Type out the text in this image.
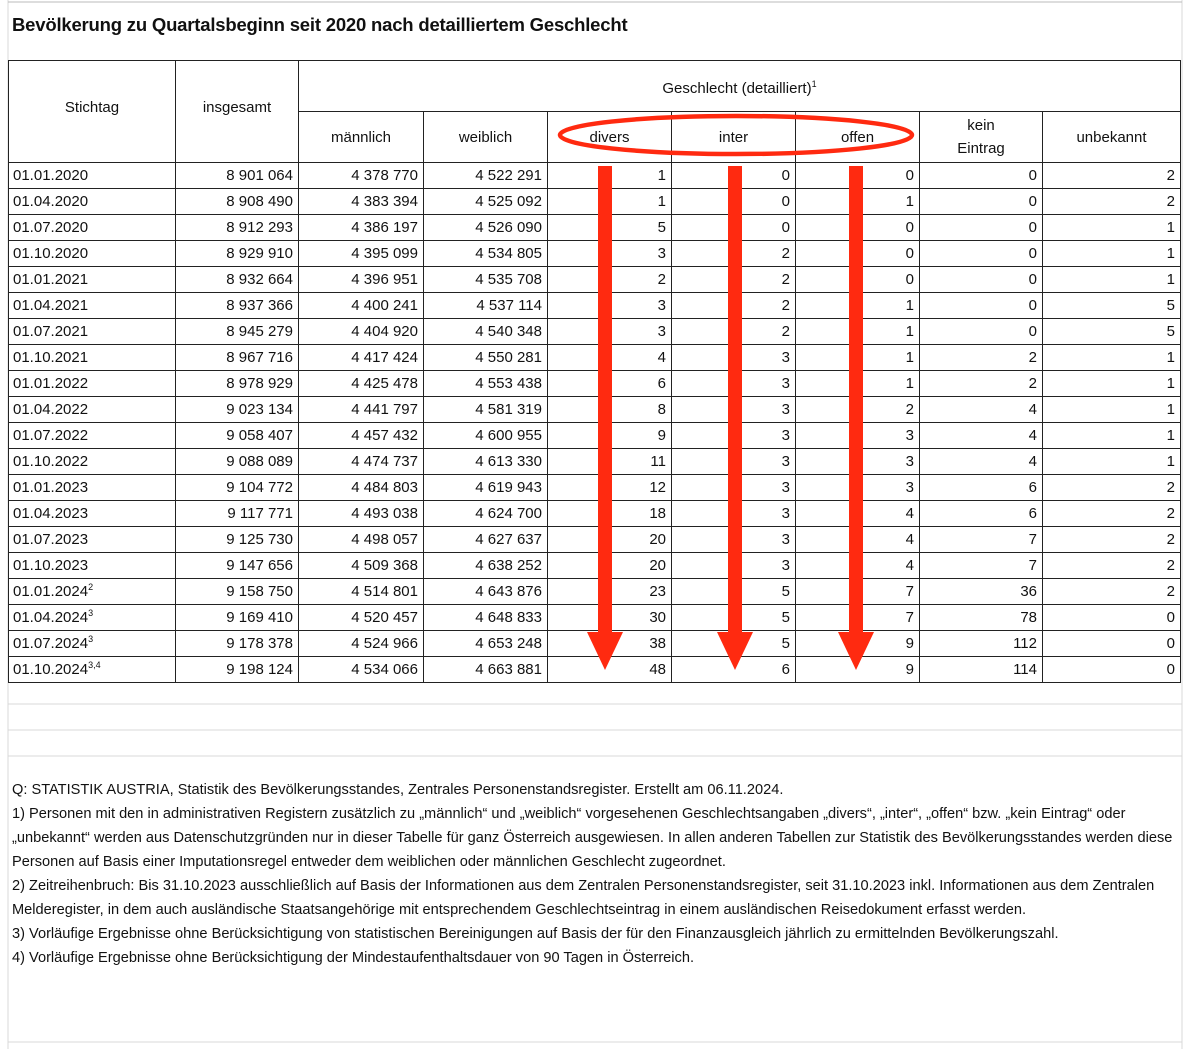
Bevölkerung zu Quartalsbeginn seit 2020 nach detailliertem Geschlecht
Stichtag	insgesamt	Geschlecht (detailliert)$^1$
		männlich	weiblich	divers	inter	offen	kein
Eintrag	unbekannt
01.01.2020	8 901 064	4 378 770	4 522 291	1	0	0	0	2
01.04.2020	8 908 490	4 383 394	4 525 092	1	0	1	0	2
01.07.2020	8 912 293	4 386 197	4 526 090	5	0	0	0	1
01.10.2020	8 929 910	4 395 099	4 534 805	3	2	0	0	1
01.01.2021	8 932 664	4 396 951	4 535 708	2	2	0	0	1
01.04.2021	8 937 366	4 400 241	4 537 114	3	2	1	0	5
01.07.2021	8 945 279	4 404 920	4 540 348	3	2	1	0	5
01.10.2021	8 967 716	4 417 424	4 550 281	4	3	1	2	1
01.01.2022	8 978 929	4 425 478	4 553 438	6	3	1	2	1
01.04.2022	9 023 134	4 441 797	4 581 319	8	3	2	4	1
01.07.2022	9 058 407	4 457 432	4 600 955	9	3	3	4	1
01.10.2022	9 088 089	4 474 737	4 613 330	11	3	3	4	1
01.01.2023	9 104 772	4 484 803	4 619 943	12	3	3	6	2
01.04.2023	9 117 771	4 493 038	4 624 700	18	3	4	6	2
01.07.2023	9 125 730	4 498 057	4 627 637	20	3	4	7	2
01.10.2023	9 147 656	4 509 368	4 638 252	20	3	4	7	2
01.01.2024$^2$	9 158 750	4 514 801	4 643 876	23	5	7	36	2
01.04.2024$^3$	9 169 410	4 520 457	4 648 833	30	5	7	78	0
01.07.2024$^3$	9 178 378	4 524 966	4 653 248	38	5	9	112	0
01.10.2024$^{3,4}$	9 198 124	4 534 066	4 663 881	48	6	9	114	0

Q: STATISTIK AUSTRIA, Statistik des Bevölkerungsstandes, Zentrales Personenstandsregister. Erstellt am 06.11.2024.

1) Personen mit den in administrativen Registern zusätzlich zu „männlich“ und „weiblich“ vorgesehenen Geschlechtsangaben „divers“, „inter“, „offen“ bzw. „kein Eintrag“ oder „unbekannt“ werden aus Datenschutzgründen nur in dieser Tabelle für ganz Österreich ausgewiesen. In allen anderen Tabellen zur Statistik des Bevölkerungsstandes werden diese Personen auf Basis einer Imputationsregel entweder dem weiblichen oder männlichen Geschlecht zugeordnet.

2) Zeitreihenbruch: Bis 31.10.2023 ausschließlich auf Basis der Informationen aus dem Zentralen Personenstandsregister, seit 31.10.2023 inkl. Informationen aus dem Zentralen Melderegister, in dem auch ausländische Staatsangehörige mit entsprechendem Geschlechtseintrag in einem ausländischen Reisedokument erfasst werden.

3) Vorläufige Ergebnisse ohne Berücksichtigung von statistischen Bereinigungen auf Basis der für den Finanzausgleich jährlich zu ermittelnden Bevölkerungszahl.

4) Vorläufige Ergebnisse ohne Berücksichtigung der Mindestaufenthaltsdauer von 90 Tagen in Österreich.
